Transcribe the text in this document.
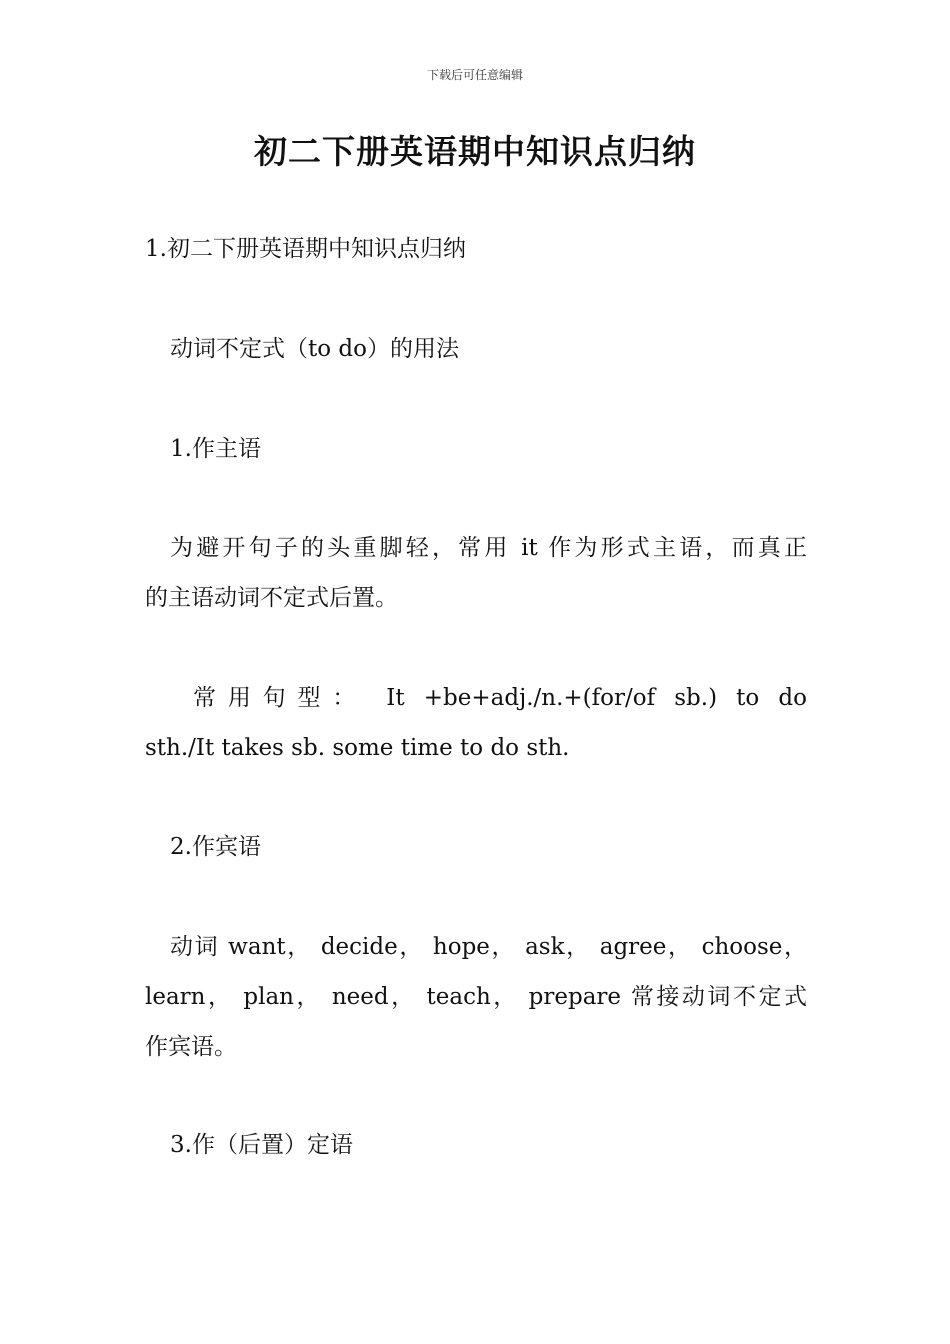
下载后可任意编辑
初二下册英语期中知识点归纳

1.初二下册英语期中知识点归纳

动词不定式（to do）的用法

1.作主语

为避开句子的头重脚轻，常用 it 作为形式主语，而真正
的主语动词不定式后置。
常用句型： It +be+adj./n.+(for/of sb.) to do
sth./It takes sb. some time to do sth.

2.作宾语

动词 want， decide， hope， ask， agree， choose，
learn， plan， need， teach， prepare 常接动词不定式
作宾语。

3.作（后置）定语
